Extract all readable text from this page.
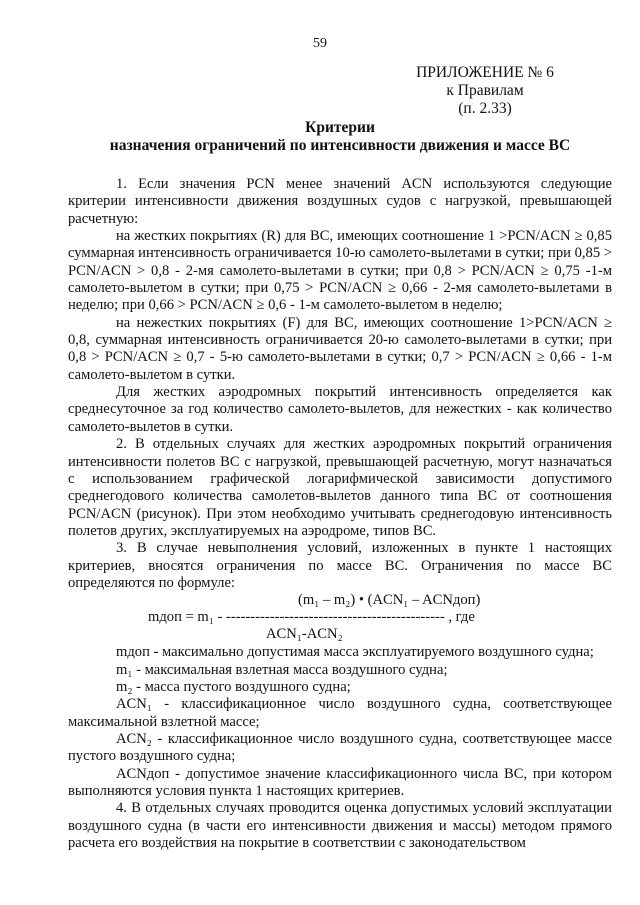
59
ПРИЛОЖЕНИЕ № 6
к Правилам
(п. 2.33)
Критерии
назначения ограничений по интенсивности движения и массе ВС

1. Если значения PCN менее значений ACN используются следующие критерии интенсивности движения воздушных судов с нагрузкой, превышающей расчетную:

на жестких покрытиях (R) для ВС, имеющих соотношение 1 >PCN/ACN ≥ 0,85 суммарная интенсивность ограничивается 10-ю самолето-вылетами в сутки; при 0,85 > PCN/ACN > 0,8 - 2-мя самолето-вылетами в сутки; при 0,8 > PCN/ACN ≥ 0,75 -1-м самолето-вылетом в сутки; при 0,75 > PCN/ACN ≥ 0,66 - 2-мя самолето-вылетами в неделю; при 0,66 > PCN/ACN ≥ 0,6 - 1-м самолето-вылетом в неделю;

на нежестких покрытиях (F) для ВС, имеющих соотношение 1>PCN/ACN ≥ 0,8, суммарная интенсивность ограничивается 20-ю самолето-вылетами в сутки; при 0,8 > PCN/ACN ≥ 0,7 - 5-ю самолето-вылетами в сутки; 0,7 > PCN/ACN ≥ 0,66 - 1-м самолето-вылетом в сутки.

Для жестких аэродромных покрытий интенсивность определяется как среднесуточное за год количество самолето-вылетов, для нежестких - как количество самолето-вылетов в сутки.

2. В отдельных случаях для жестких аэродромных покрытий ограничения интенсивности полетов ВС с нагрузкой, превышающей расчетную, могут назначаться с использованием графической логарифмической зависимости допустимого среднегодового количества самолетов-вылетов данного типа ВС от соотношения PCN/ACN (рисунок). При этом необходимо учитывать среднегодовую интенсивность полетов других, эксплуатируемых на аэродроме, типов ВС.

3. В случае невыполнения условий, изложенных в пункте 1 настоящих критериев, вносятся ограничения по массе ВС. Ограничения по массе ВС определяются по формуле:

(m₁ – m₂) • (ACN₁ – ACNдоп)
mдоп = m₁ - --------------------------------------------- , где
ACN₁-ACN₂

mдоп - максимально допустимая масса эксплуатируемого воздушного судна;

m₁ - максимальная взлетная масса воздушного судна;

m₂ - масса пустого воздушного судна;

ACN₁ - классификационное число воздушного судна, соответствующее максимальной взлетной массе;

ACN₂ - классификационное число воздушного судна, соответствующее массе пустого воздушного судна;

ACNдоп - допустимое значение классификационного числа ВС, при котором выполняются условия пункта 1 настоящих критериев.

4. В отдельных случаях проводится оценка допустимых условий эксплуатации воздушного судна (в части его интенсивности движения и массы) методом прямого расчета его воздействия на покрытие в соответствии с законодательством
